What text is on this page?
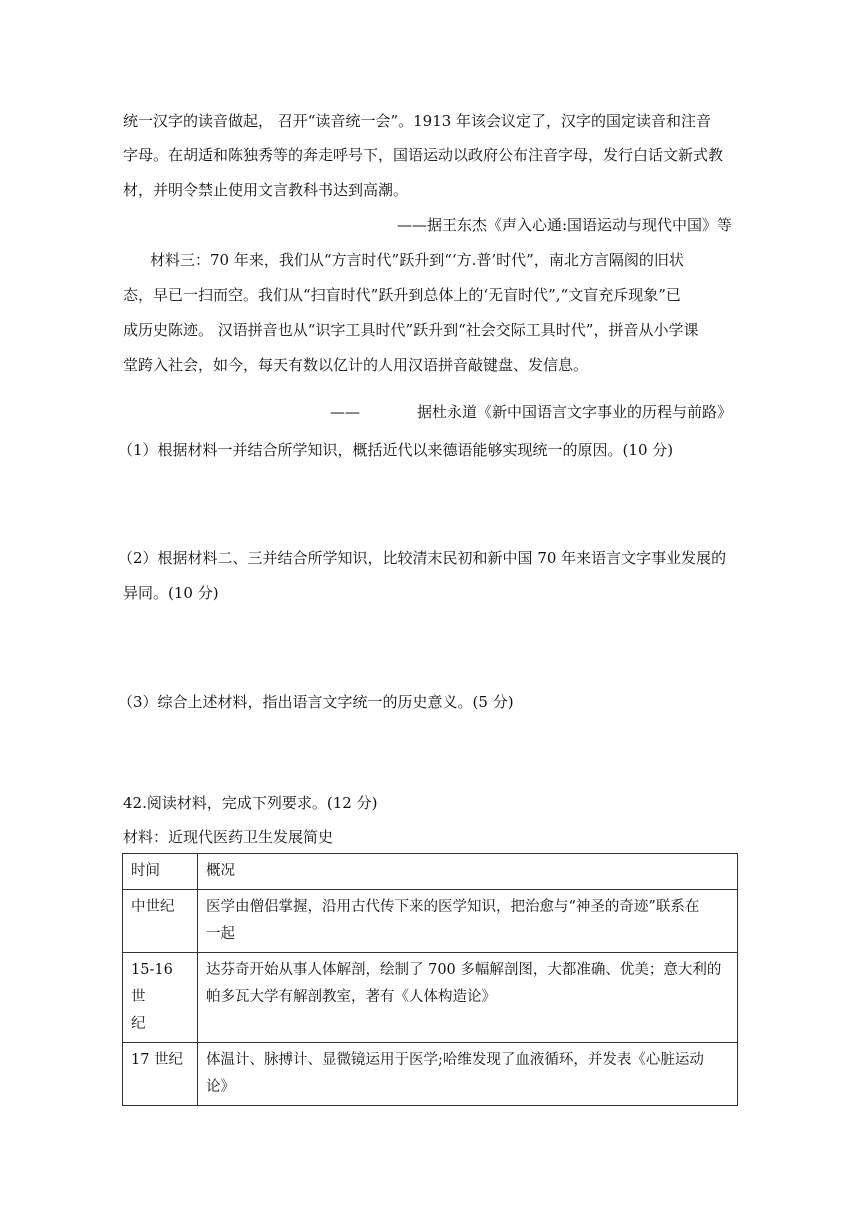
统一汉字的读音做起， 召开“读音统一会”。1913 年该会议定了，汉字的国定读音和注音
字母。在胡适和陈独秀等的奔走呼号下，国语运动以政府公布注音字母，发行白话文新式教
材，并明令禁止使用文言教科书达到高潮。
——据王东杰《声入心通:国语运动与现代中国》等
材料三：70 年来，我们从“方言时代”跃升到“‘方.普’时代”，南北方言隔阂的旧状
态，早已一扫而空。我们从“扫盲时代”跃升到总体上的‘无盲时代”,“文盲充斥现象”已
成历史陈迹。 汉语拼音也从“识字工具时代”跃升到“社会交际工具时代”，拼音从小学课
堂跨入社会，如今，每天有数以亿计的人用汉语拼音敲键盘、发信息。
——	据杜永道《新中国语言文字事业的历程与前路》
（1）根据材料一并结合所学知识，概括近代以来德语能够实现统一的原因。(10 分)
（2）根据材料二、三并结合所学知识，比较清末民初和新中国 70 年来语言文字事业发展的
异同。(10 分)
（3）综合上述材料，指出语言文字统一的历史意义。(5 分)
42.阅读材料，完成下列要求。(12 分)
材料：近现代医药卫生发展简史
时间	概况

中世纪	医学由僧侣掌握，沿用古代传下来的医学知识，把治愈与“神圣的奇迹”联系在
一起

15-16 世
纪	达芬奇开始从事人体解剖，绘制了 700 多幅解剖图，大都准确、优美；意大利的
帕多瓦大学有解剖教室，著有《人体构造论》

17 世纪	体温计、脉搏计、显微镜运用于医学;哈维发现了血液循环，并发表《心脏运动
论》
